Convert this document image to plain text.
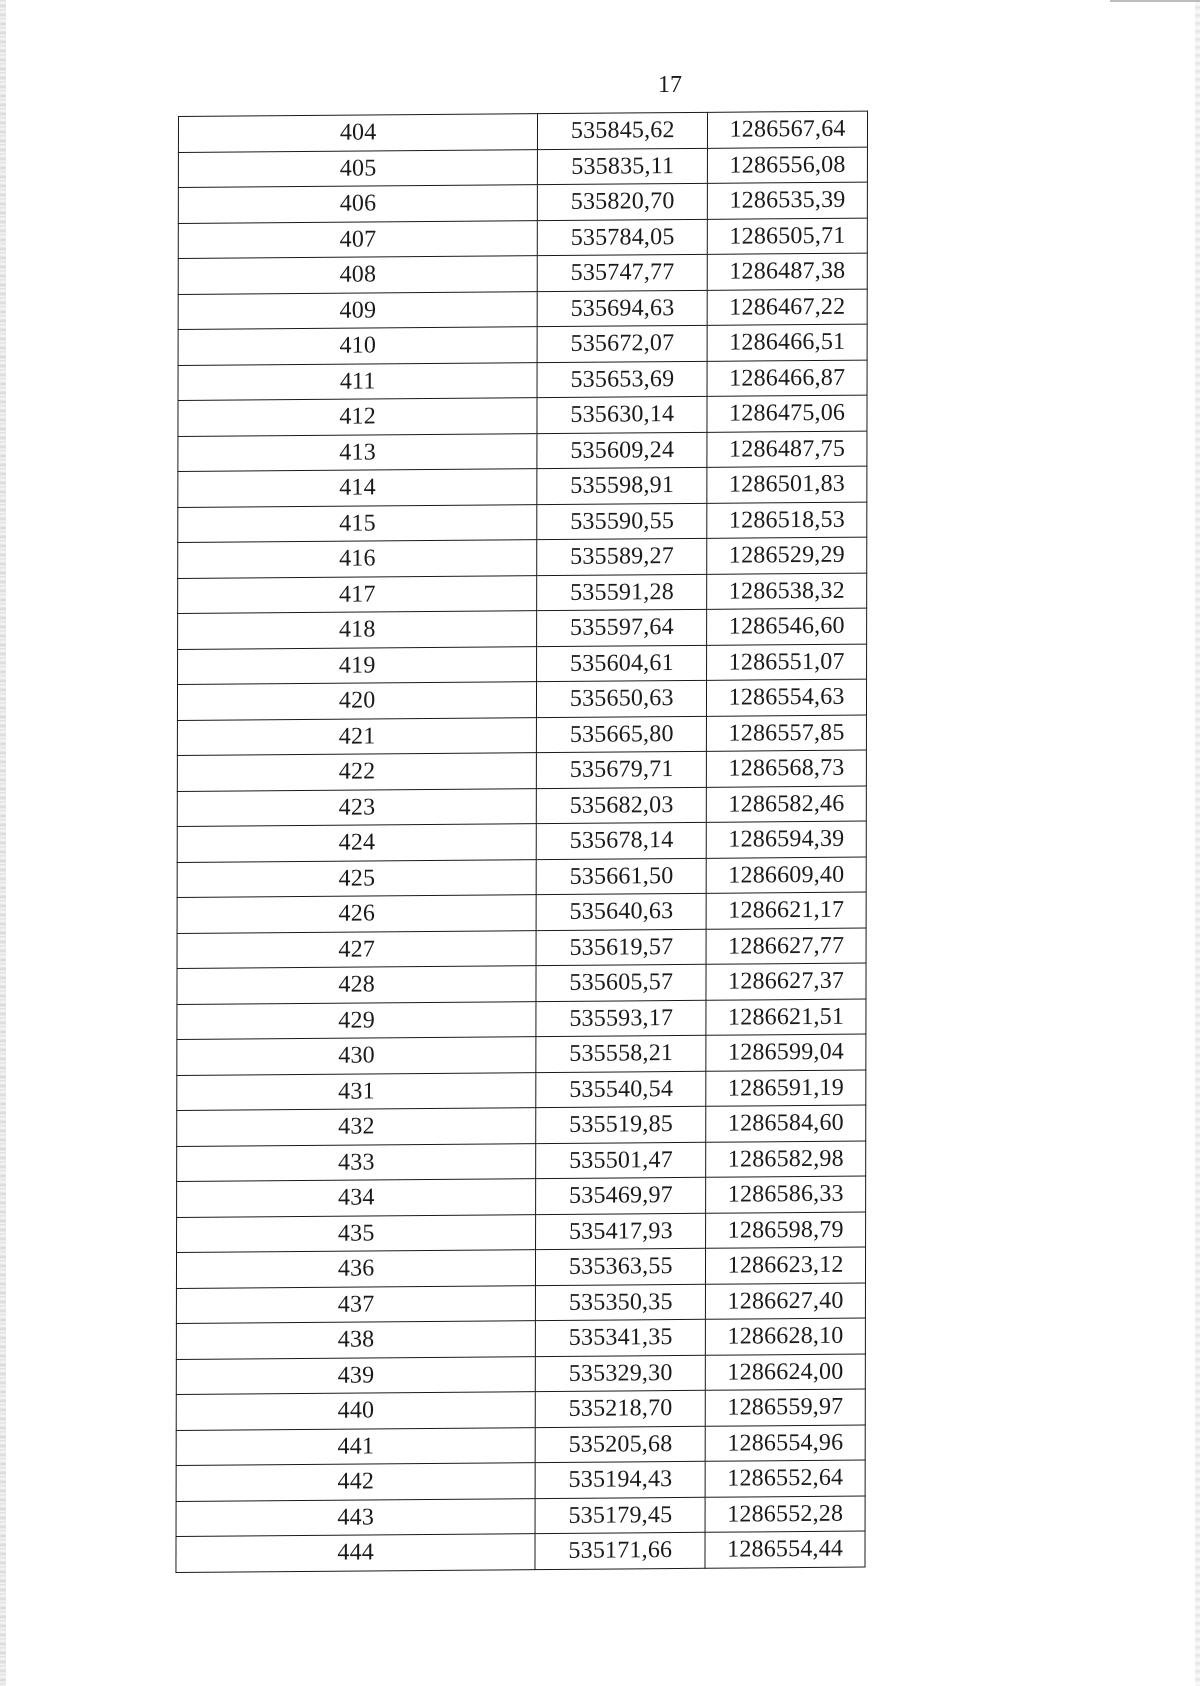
17
404	535845,62	1286567,64
405	535835,11	1286556,08
406	535820,70	1286535,39
407	535784,05	1286505,71
408	535747,77	1286487,38
409	535694,63	1286467,22
410	535672,07	1286466,51
411	535653,69	1286466,87
412	535630,14	1286475,06
413	535609,24	1286487,75
414	535598,91	1286501,83
415	535590,55	1286518,53
416	535589,27	1286529,29
417	535591,28	1286538,32
418	535597,64	1286546,60
419	535604,61	1286551,07
420	535650,63	1286554,63
421	535665,80	1286557,85
422	535679,71	1286568,73
423	535682,03	1286582,46
424	535678,14	1286594,39
425	535661,50	1286609,40
426	535640,63	1286621,17
427	535619,57	1286627,77
428	535605,57	1286627,37
429	535593,17	1286621,51
430	535558,21	1286599,04
431	535540,54	1286591,19
432	535519,85	1286584,60
433	535501,47	1286582,98
434	535469,97	1286586,33
435	535417,93	1286598,79
436	535363,55	1286623,12
437	535350,35	1286627,40
438	535341,35	1286628,10
439	535329,30	1286624,00
440	535218,70	1286559,97
441	535205,68	1286554,96
442	535194,43	1286552,64
443	535179,45	1286552,28
444	535171,66	1286554,44
